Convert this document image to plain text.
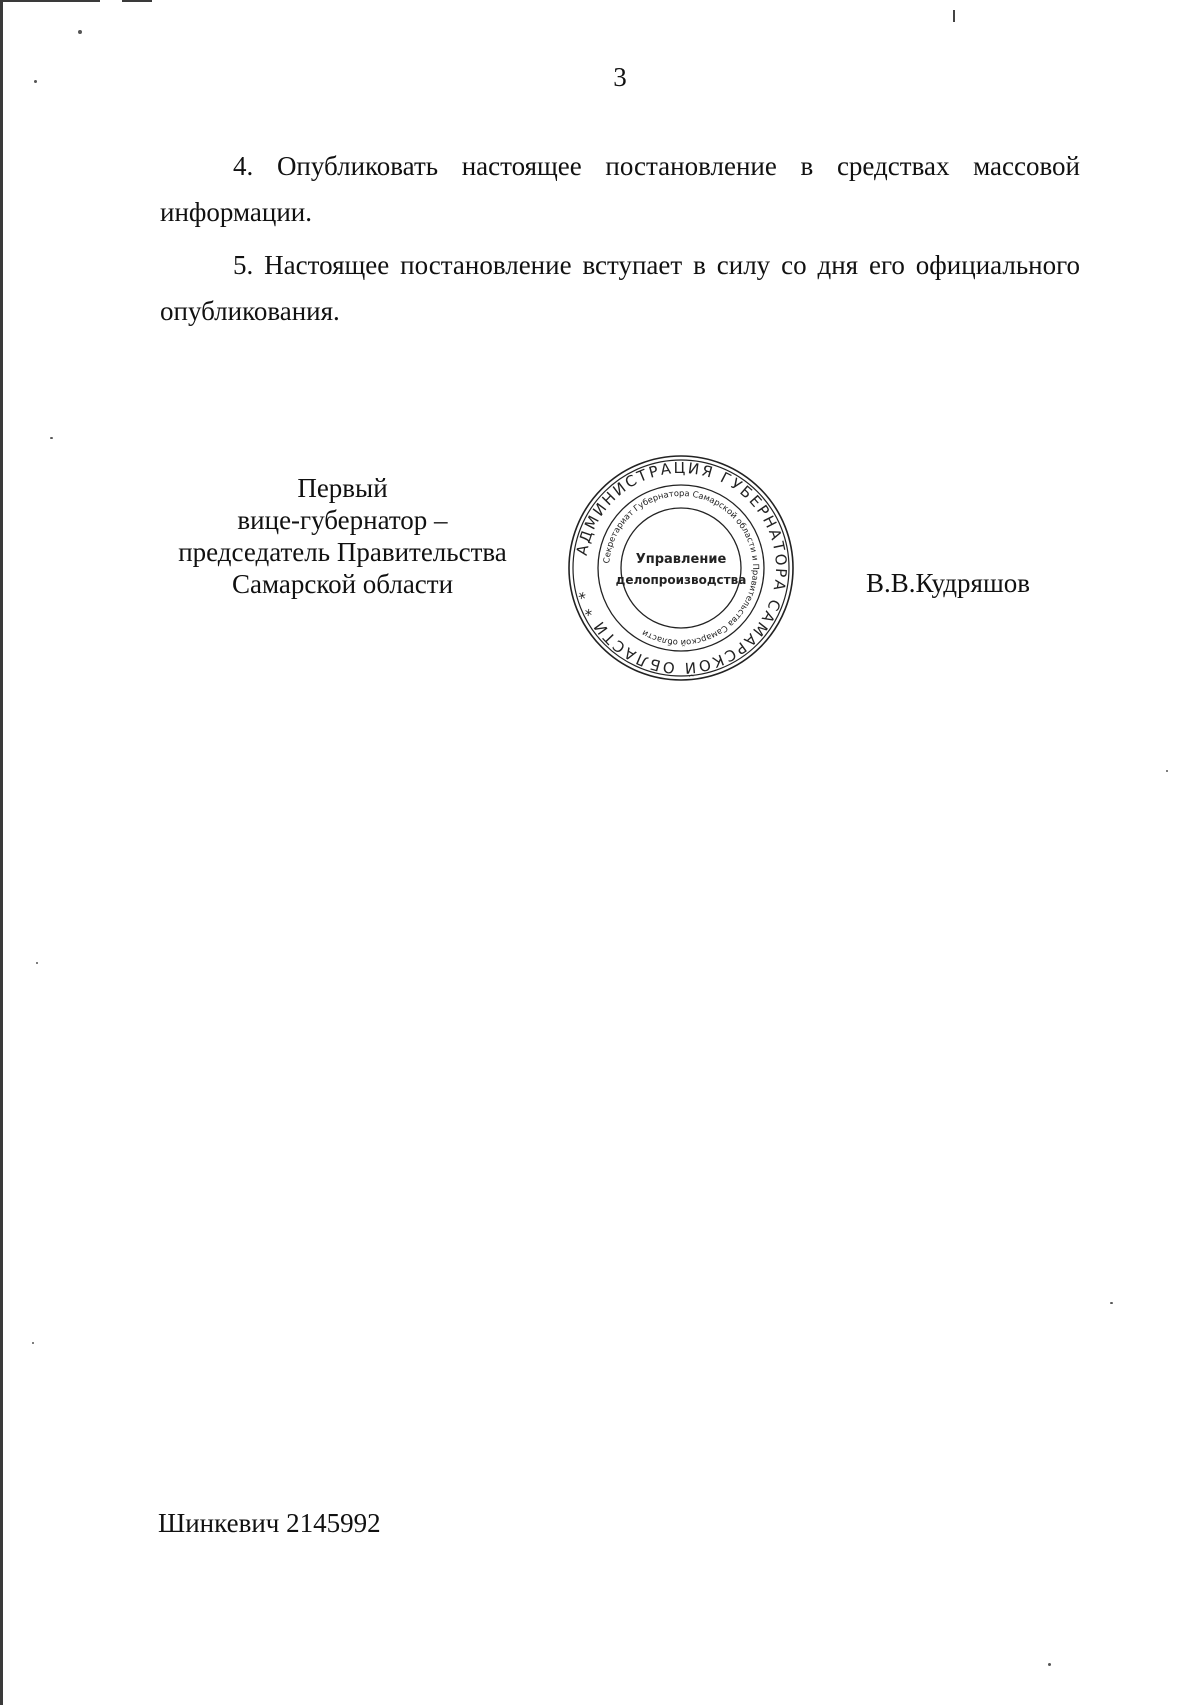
3
4. Опубликовать настоящее постановление в средствах массовой информации.
5. Настоящее постановление вступает в силу со дня его официального опубликования.
Первый
вице-губернатор –
председатель Правительства
Самарской области
АДМИНИСТРАЦИЯ ГУБЕРНАТОРА САМАРСКОЙ ОБЛАСТИ * *
Секретариат Губернатора Самарской области и Правительства Самарской области
Управление
делопроизводства	В.В.Кудряшов
Шинкевич 2145992
